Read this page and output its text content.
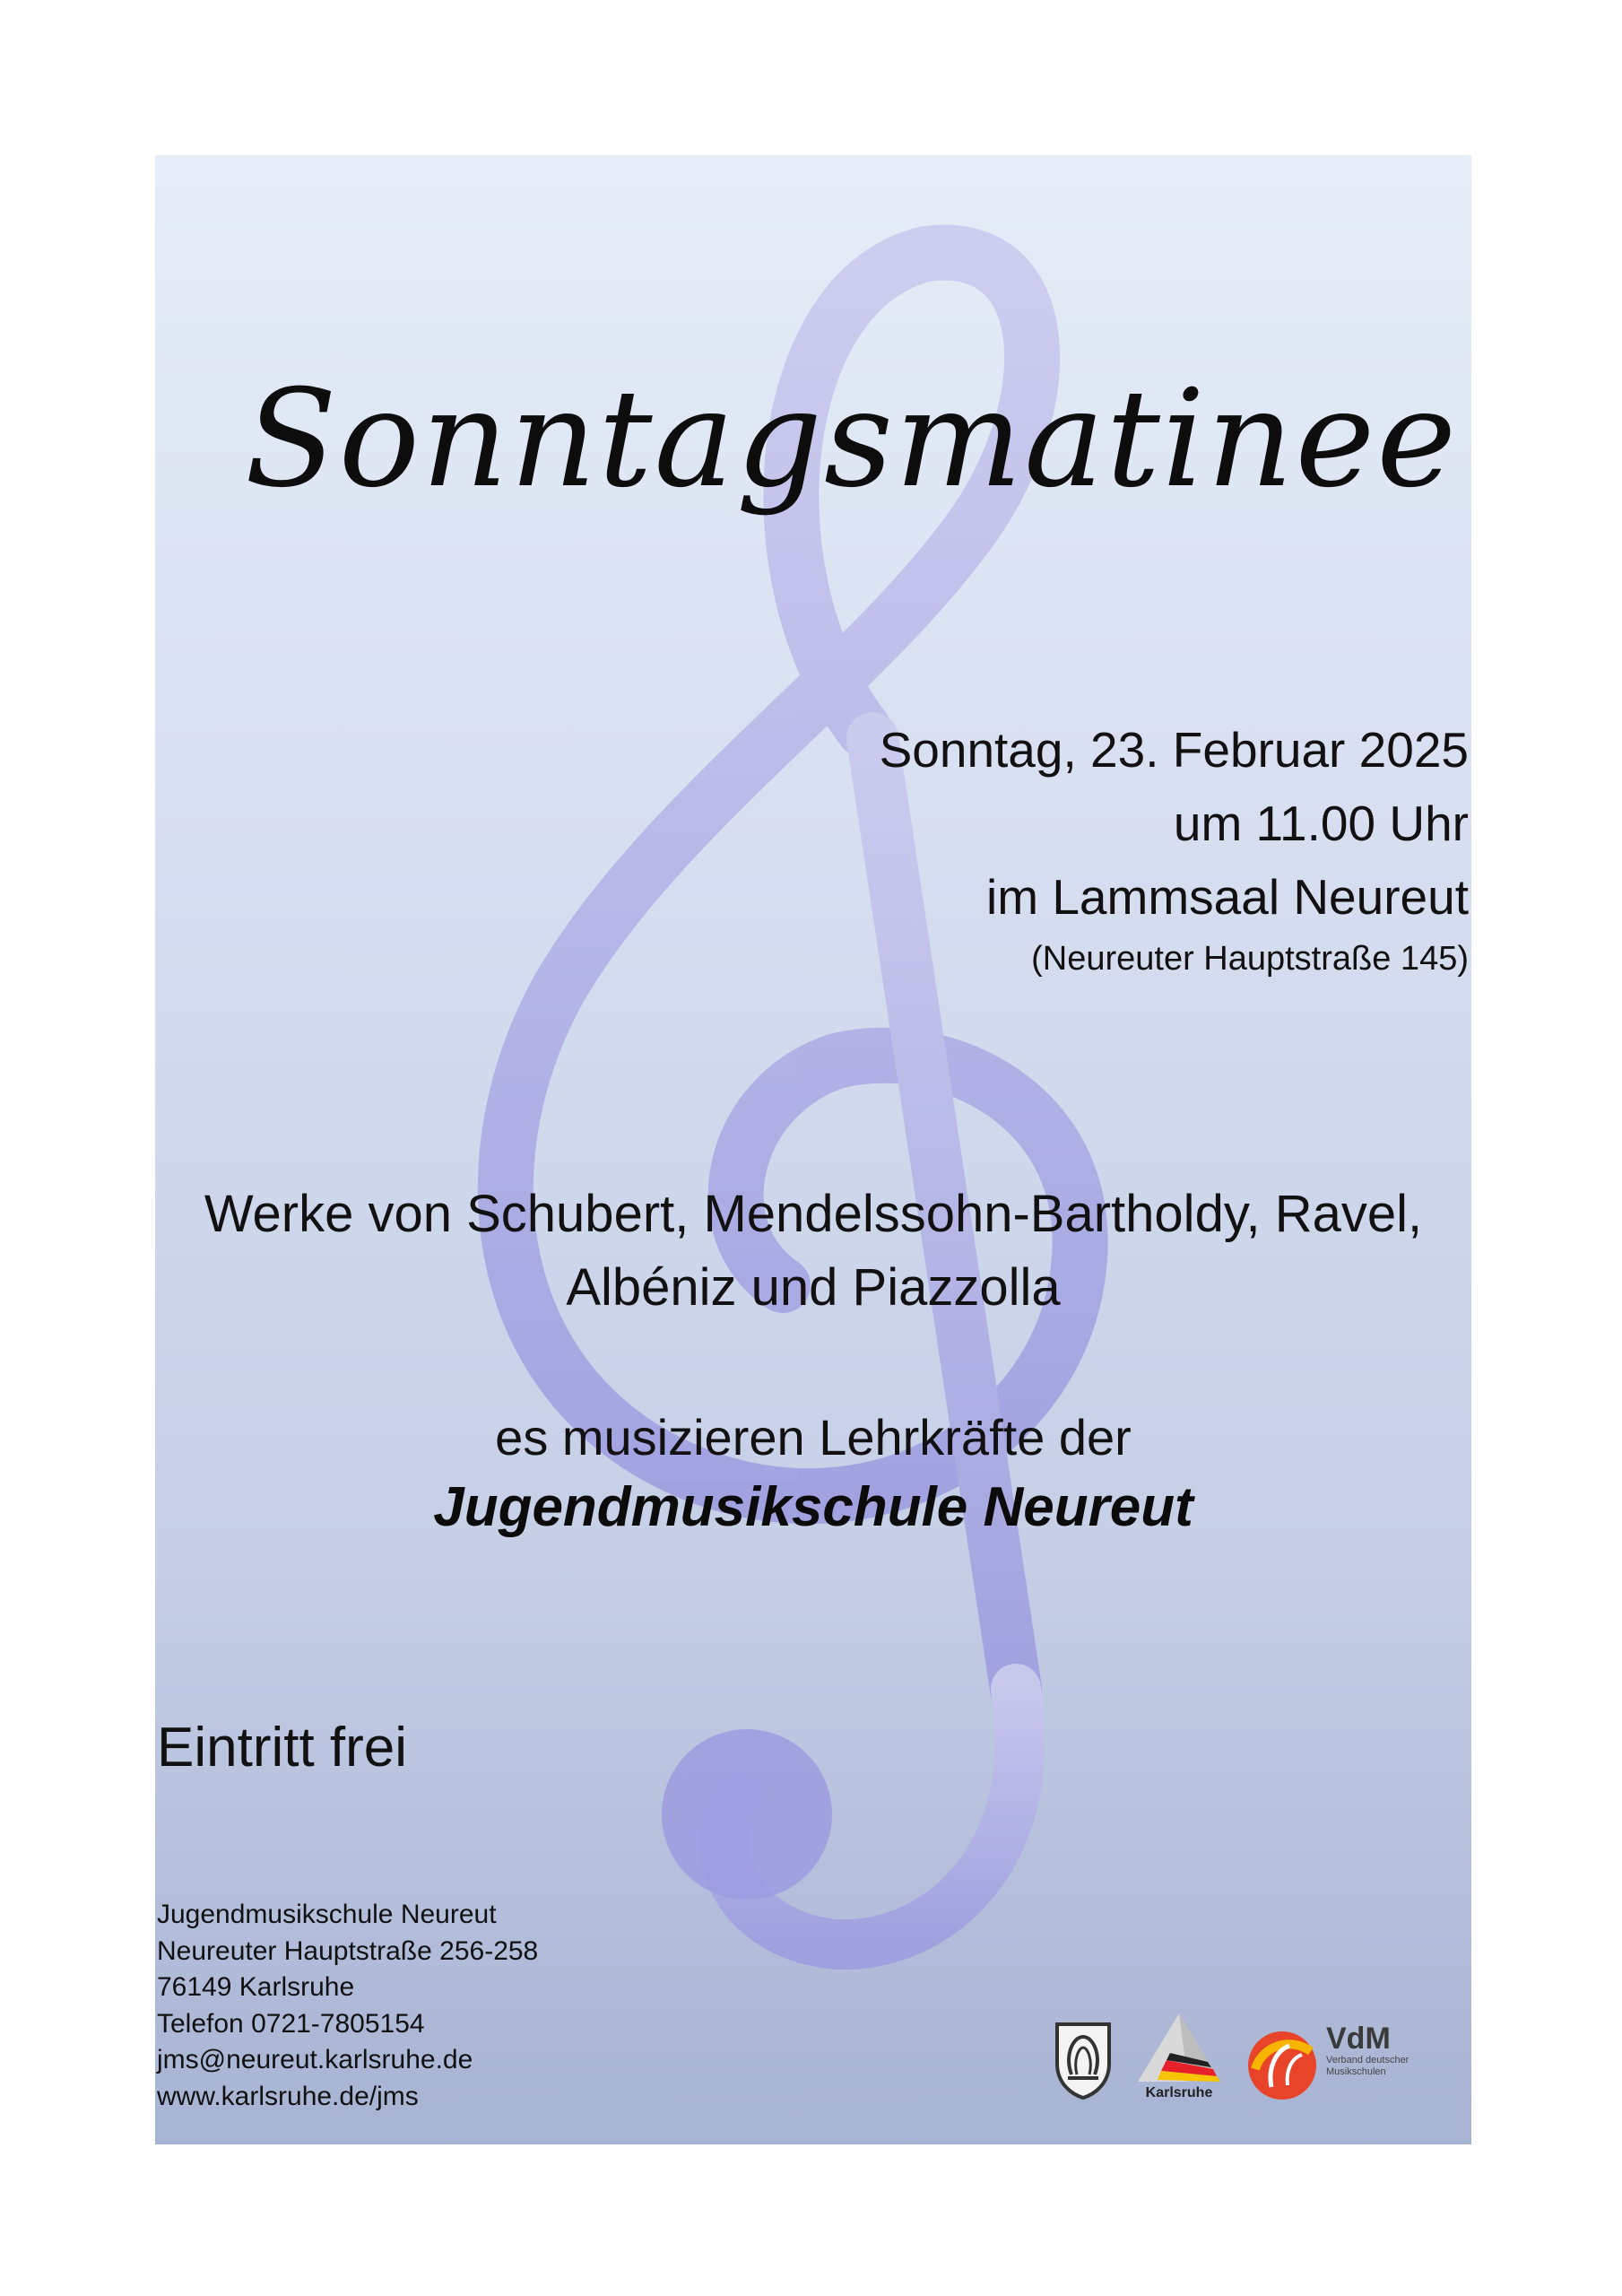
Sonntagsmatinee
Sonntag, 23. Februar 2025
um 11.00 Uhr
im Lammsaal Neureut
(Neureuter Hauptstraße 145)
Werke von Schubert, Mendelssohn-Bartholdy, Ravel,
Albéniz und Piazzolla
es musizieren Lehrkräfte der
Jugendmusikschule Neureut
Eintritt frei
Jugendmusikschule Neureut
Neureuter Hauptstraße 256-258
76149 Karlsruhe
Telefon 0721-7805154
jms@neureut.karlsruhe.de
www.karlsruhe.de/jms	Karlsruhe
VdM
Verband deutscher
Musikschulen
